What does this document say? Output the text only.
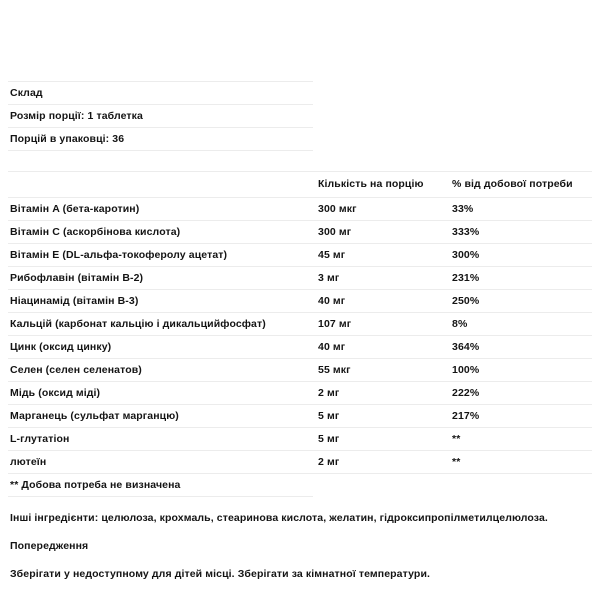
Склад		
Розмір порції: 1 таблетка		
Порцій в упаковці: 36		

	Кількість на порцію	% від добової потреби
Вітамін A (бета-каротин)	300 мкг	33%
Вітамін C (аскорбінова кислота)	300 мг	333%
Вітамін E (DL-альфа-токоферолу ацетат)	45 мг	300%
Рибофлавін (вітамін B-2)	3 мг	231%
Ніацинамід (вітамін B-3)	40 мг	250%
Кальцій (карбонат кальцію і дикальцийфосфат)	107 мг	8%
Цинк (оксид цинку)	40 мг	364%
Селен (селен селенатов)	55 мкг	100%
Мідь (оксид міді)	2 мг	222%
Марганець (сульфат марганцю)	5 мг	217%
L-глутатіон	5 мг	**
лютеїн	2 мг	**
** Добова потреба не визначена		

Інші інгредієнти: целюлоза, крохмаль, стеаринова кислота, желатин, гідроксипропілметилцелюлоза.

Попередження

Зберігати у недоступному для дітей місці. Зберігати за кімнатної температури.
